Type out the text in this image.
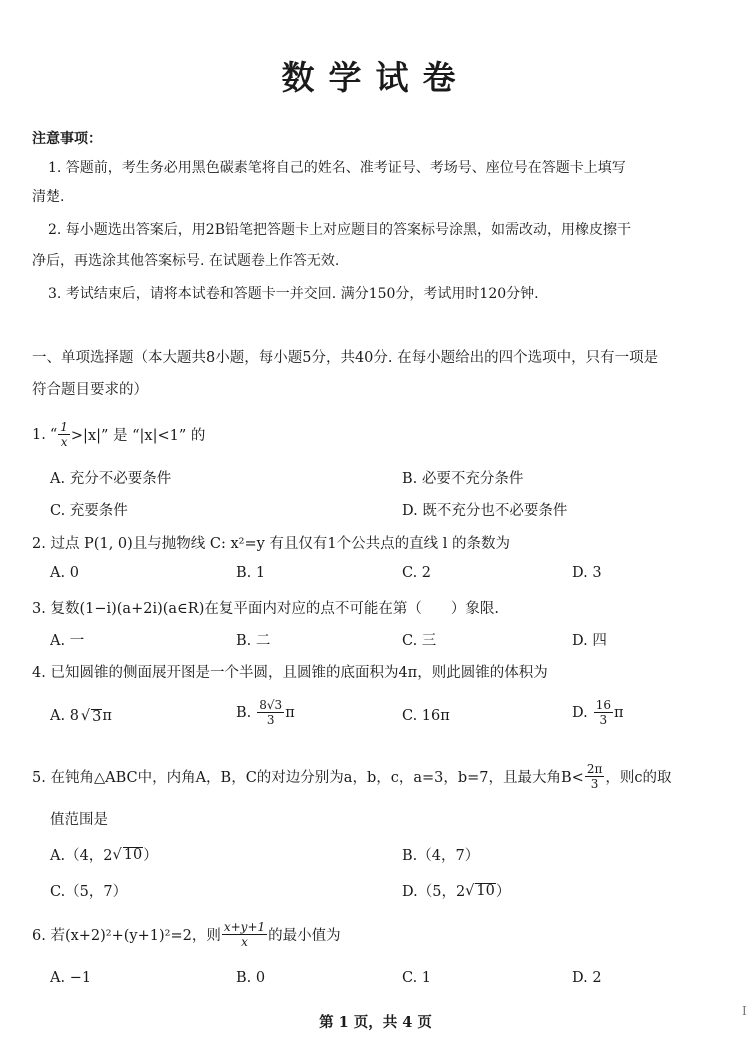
数学试卷
注意事项：
1. 答题前，考生务必用黑色碳素笔将自己的姓名、准考证号、考场号、座位号在答题卡上填写
清楚.
2. 每小题选出答案后，用2B铅笔把答题卡上对应题目的答案标号涂黑，如需改动，用橡皮擦干
净后，再选涂其他答案标号. 在试题卷上作答无效.
3. 考试结束后，请将本试卷和答题卡一并交回. 满分150分，考试用时120分钟.
一、单项选择题（本大题共8小题，每小题5分，共40分. 在每小题给出的四个选项中，只有一项是
符合题目要求的）
1. “ $\frac{1}{x} >|x|$” 是 “|x|<1” 的
A. 充分不必要条件	B. 必要不充分条件
C. 充要条件	D. 既不充分也不必要条件
2. 过点 P(1, 0)且与抛物线 C: x²=y 有且仅有1个公共点的直线 l 的条数为
A. 0	B. 1	C. 2	D. 3
3. 复数(1−i)(a+2i)(a∈R)在复平面内对应的点不可能在第（　　）象限.
A. 一	B. 二	C. 三	D. 四
4. 已知圆锥的侧面展开图是一个半圆，且圆锥的底面积为4π，则此圆锥的体积为
A. 8 √ 3 π	B. $\frac{8√3}{3}$ π	C. 16π	D. $\frac{16}{3}$ π
5. 在钝角△ABC中，内角A，B，C的对边分别为a，b，c，a=3，b=7，且最大角$B< \frac{2\pi}{3}$ ，则c的取
值范围是
A.（4，2 √ 10 ）	B.（4，7）
C.（5，7）	D.（5，2 √ 10 ）
6. 若(x+2)²+(y+1)²=2，则 $\frac{x+y+1}{x}$ 的最小值为
A. −1	B. 0	C. 1	D. 2
第 1 页，共 4 页
I
